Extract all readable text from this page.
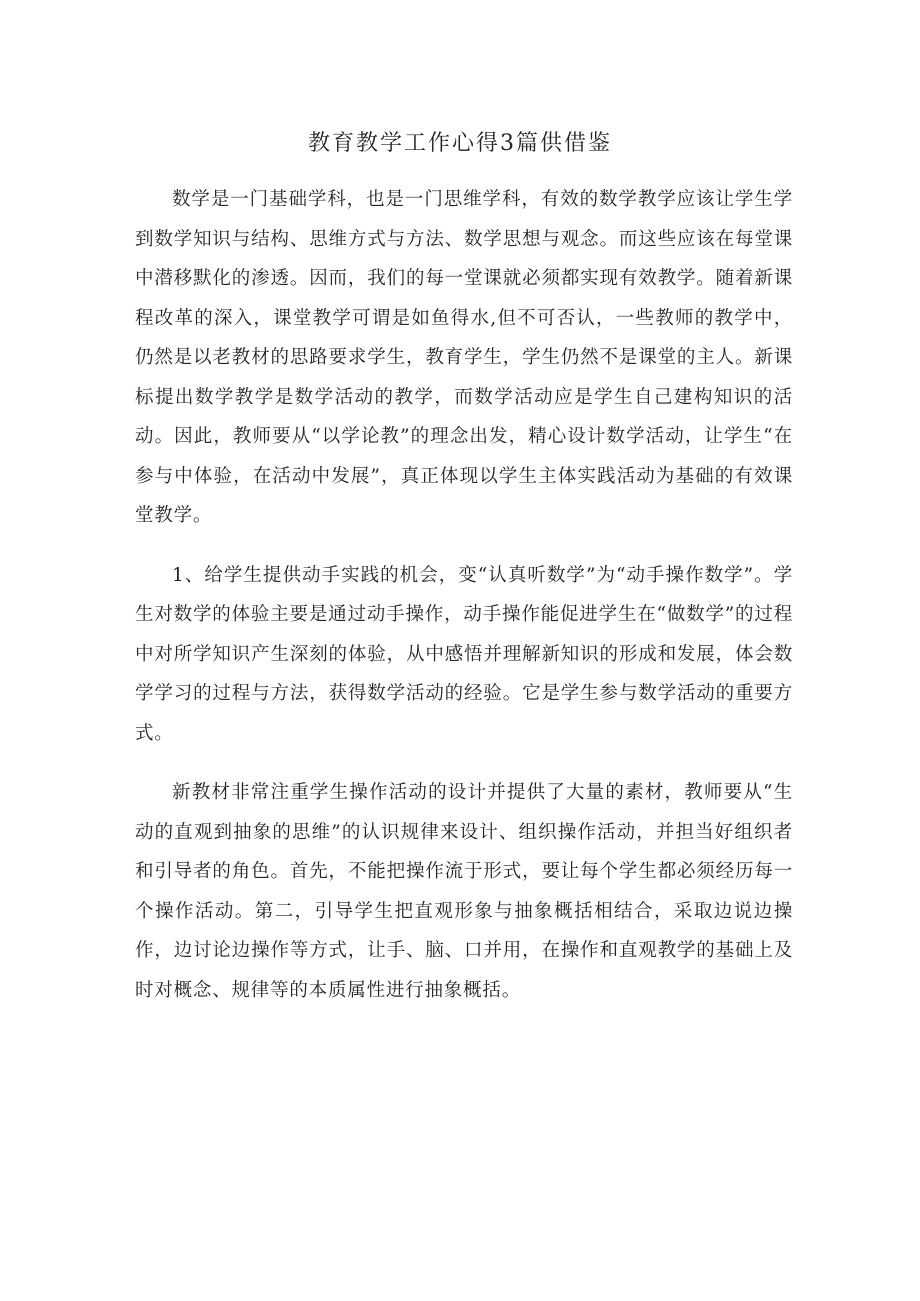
教育教学工作心得3篇供借鉴

数学是一门基础学科，也是一门思维学科，有效的数学教学应该让学生学到数学知识与结构、思维方式与方法、数学思想与观念。而这些应该在每堂课中潜移默化的渗透。因而，我们的每一堂课就必须都实现有效教学。随着新课程改革的深入，课堂教学可谓是如鱼得水,但不可否认，一些教师的教学中，仍然是以老教材的思路要求学生，教育学生，学生仍然不是课堂的主人。新课标提出数学教学是数学活动的教学，而数学活动应是学生自己建构知识的活动。因此，教师要从“以学论教”的理念出发，精心设计数学活动，让学生“在参与中体验，在活动中发展”，真正体现以学生主体实践活动为基础的有效课堂教学。

1、给学生提供动手实践的机会，变“认真听数学”为“动手操作数学”。学生对数学的体验主要是通过动手操作，动手操作能促进学生在“做数学”的过程中对所学知识产生深刻的体验，从中感悟并理解新知识的形成和发展，体会数学学习的过程与方法，获得数学活动的经验。它是学生参与数学活动的重要方式。

新教材非常注重学生操作活动的设计并提供了大量的素材，教师要从“生动的直观到抽象的思维”的认识规律来设计、组织操作活动，并担当好组织者和引导者的角色。首先，不能把操作流于形式，要让每个学生都必须经历每一个操作活动。第二，引导学生把直观形象与抽象概括相结合，采取边说边操作，边讨论边操作等方式，让手、脑、口并用，在操作和直观教学的基础上及时对概念、规律等的本质属性进行抽象概括。
